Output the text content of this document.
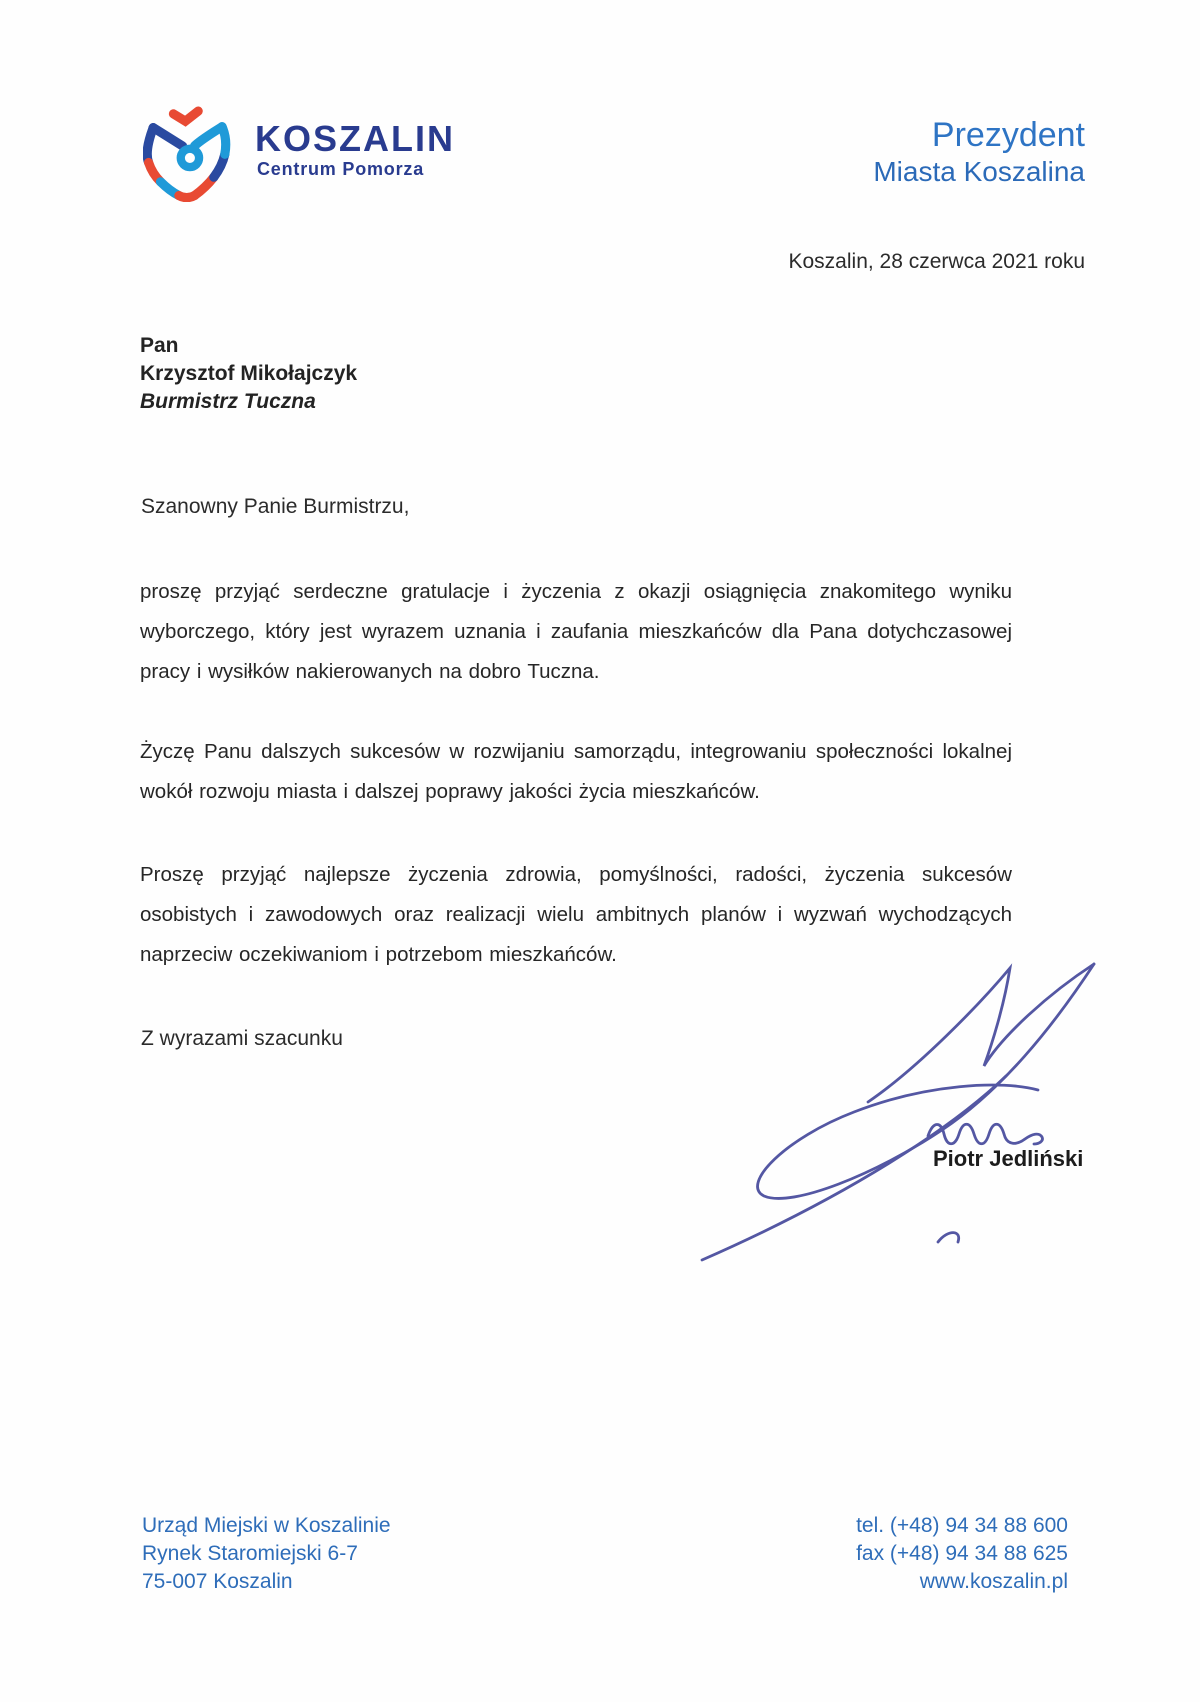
KOSZALIN
Centrum Pomorza
Prezydent
Miasta Koszalina
Koszalin, 28 czerwca 2021 roku
Pan
Krzysztof Mikołajczyk
Burmistrz Tuczna
Szanowny Panie Burmistrzu,
proszę przyjąć serdeczne gratulacje i życzenia z okazji osiągnięcia znakomitego wyniku wyborczego, który jest wyrazem uznania i zaufania mieszkańców dla Pana dotychczasowej pracy i wysiłków nakierowanych na dobro Tuczna.
Życzę Panu dalszych sukcesów w rozwijaniu samorządu, integrowaniu społeczności lokalnej wokół rozwoju miasta i dalszej poprawy jakości życia mieszkańców.
Proszę przyjąć najlepsze życzenia zdrowia, pomyślności, radości, życzenia sukcesów osobistych i zawodowych oraz realizacji wielu ambitnych planów i wyzwań wychodzących naprzeciw oczekiwaniom i potrzebom mieszkańców.
Z wyrazami szacunku
Piotr Jedliński
Urząd Miejski w Koszalinie
Rynek Staromiejski 6-7
75-007 Koszalin
tel. (+48) 94 34 88 600
fax (+48) 94 34 88 625
www.koszalin.pl
